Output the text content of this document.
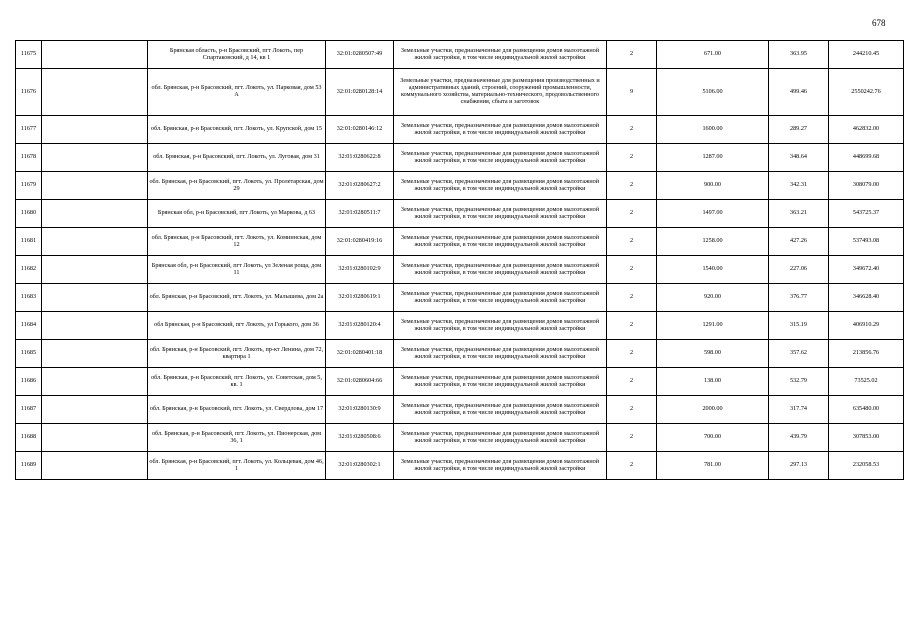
678
11675		Брянская область, р-н Брасовский, пгт Локоть, пер Спартаковский, д 14, кв 1	32:01:0280507:49	Земельные участки, предназначенные для размещения домов малоэтажной жилой застройки, в том числе индивидуальной жилой застройки	2	671.00	363.95	244210.45
11676		обл. Брянская, р-н Брасовский, пгт. Локоть, ул. Парковая, дом 53 А	32:01:0280128:14	Земельные участки, предназначенные для размещения производственных и административных зданий, строений, сооружений промышленности, коммунального хозяйства, материально-технического, продовольственного снабжения, сбыта и заготовок	9	5106.00	499.46	2550242.76
11677		обл. Брянская, р-н Брасовский, пгт. Локоть, ул. Крупской, дом 15	32:01:0280146:12	Земельные участки, предназначенные для размещения домов малоэтажной жилой застройки, в том числе индивидуальной жилой застройки	2	1600.00	289.27	462832.00
11678		обл. Брянская, р-н Брасовский, пгт. Локоть, ул. Луговая, дом 31	32:01:0280622:8	Земельные участки, предназначенные для размещения домов малоэтажной жилой застройки, в том числе индивидуальной жилой застройки	2	1287.00	348.64	448699.68
11679		обл. Брянская, р-н Брасовский, пгт. Локоть, ул. Пролетарская, дом 29	32:01:0280627:2	Земельные участки, предназначенные для размещения домов малоэтажной жилой застройки, в том числе индивидуальной жилой застройки	2	900.00	342.31	308079.00
11680		Брянская обл, р-н Брасовский, пгт Локоть, ул Маркова, д 63	32:01:0280511:7	Земельные участки, предназначенные для размещения домов малоэтажной жилой застройки, в том числе индивидуальной жилой застройки	2	1497.00	363.21	543725.37
11681		обл. Брянская, р-н Брасовский, пгт. Локоть, ул. Коминнская, дом 12	32:01:0280419:16	Земельные участки, предназначенные для размещения домов малоэтажной жилой застройки, в том числе индивидуальной жилой застройки	2	1258.00	427.26	537493.08
11682		Брянская обл, р-н Брасовский, пгт Локоть, ул Зеленая роща, дом 11	32:01:0280102:9	Земельные участки, предназначенные для размещения домов малоэтажной жилой застройки, в том числе индивидуальной жилой застройки	2	1540.00	227.06	349672.40
11683		обл. Брянская, р-н Брасовский, пгт. Локоть, ул. Малышева, дом 2а	32:01:0280619:1	Земельные участки, предназначенные для размещения домов малоэтажной жилой застройки, в том числе индивидуальной жилой застройки	2	920.00	376.77	346628.40
11684		обл Брянская, р-н Брасовский, пгт Локоть, ул Горького, дом 36	32:01:0280120:4	Земельные участки, предназначенные для размещения домов малоэтажной жилой застройки, в том числе индивидуальной жилой застройки	2	1291.00	315.19	406910.29
11685		обл. Брянская, р-н Брасовский, пгт. Локоть, пр-кт Ленина, дом 72, квартира 1	32:01:0280401:18	Земельные участки, предназначенные для размещения домов малоэтажной жилой застройки, в том числе индивидуальной жилой застройки	2	598.00	357.62	213856.76
11686		обл. Брянская, р-н Брасовский, пгт. Локоть, ул. Советская, дом 5, кв. 1	32:01:0280604:66	Земельные участки, предназначенные для размещения домов малоэтажной жилой застройки, в том числе индивидуальной жилой застройки	2	138.00	532.79	73525.02
11687		обл. Брянская, р-н Брасовский, пгт. Локоть, ул. Свердлова, дом 17	32:01:0280130:9	Земельные участки, предназначенные для размещения домов малоэтажной жилой застройки, в том числе индивидуальной жилой застройки	2	2000.00	317.74	635480.00
11688		обл. Брянская, р-н Брасовский, пгт. Локоть, ул. Пионерская, дом 36, 1	32:01:0280508:6	Земельные участки, предназначенные для размещения домов малоэтажной жилой застройки, в том числе индивидуальной жилой застройки	2	700.00	439.79	307853.00
11689		обл. Брянская, р-н Брасовский, пгт. Локоть, ул. Кольцевая, дом 46, 1	32:01:0280302:1	Земельные участки, предназначенные для размещения домов малоэтажной жилой застройки, в том числе индивидуальной жилой застройки	2	781.00	297.13	232058.53
